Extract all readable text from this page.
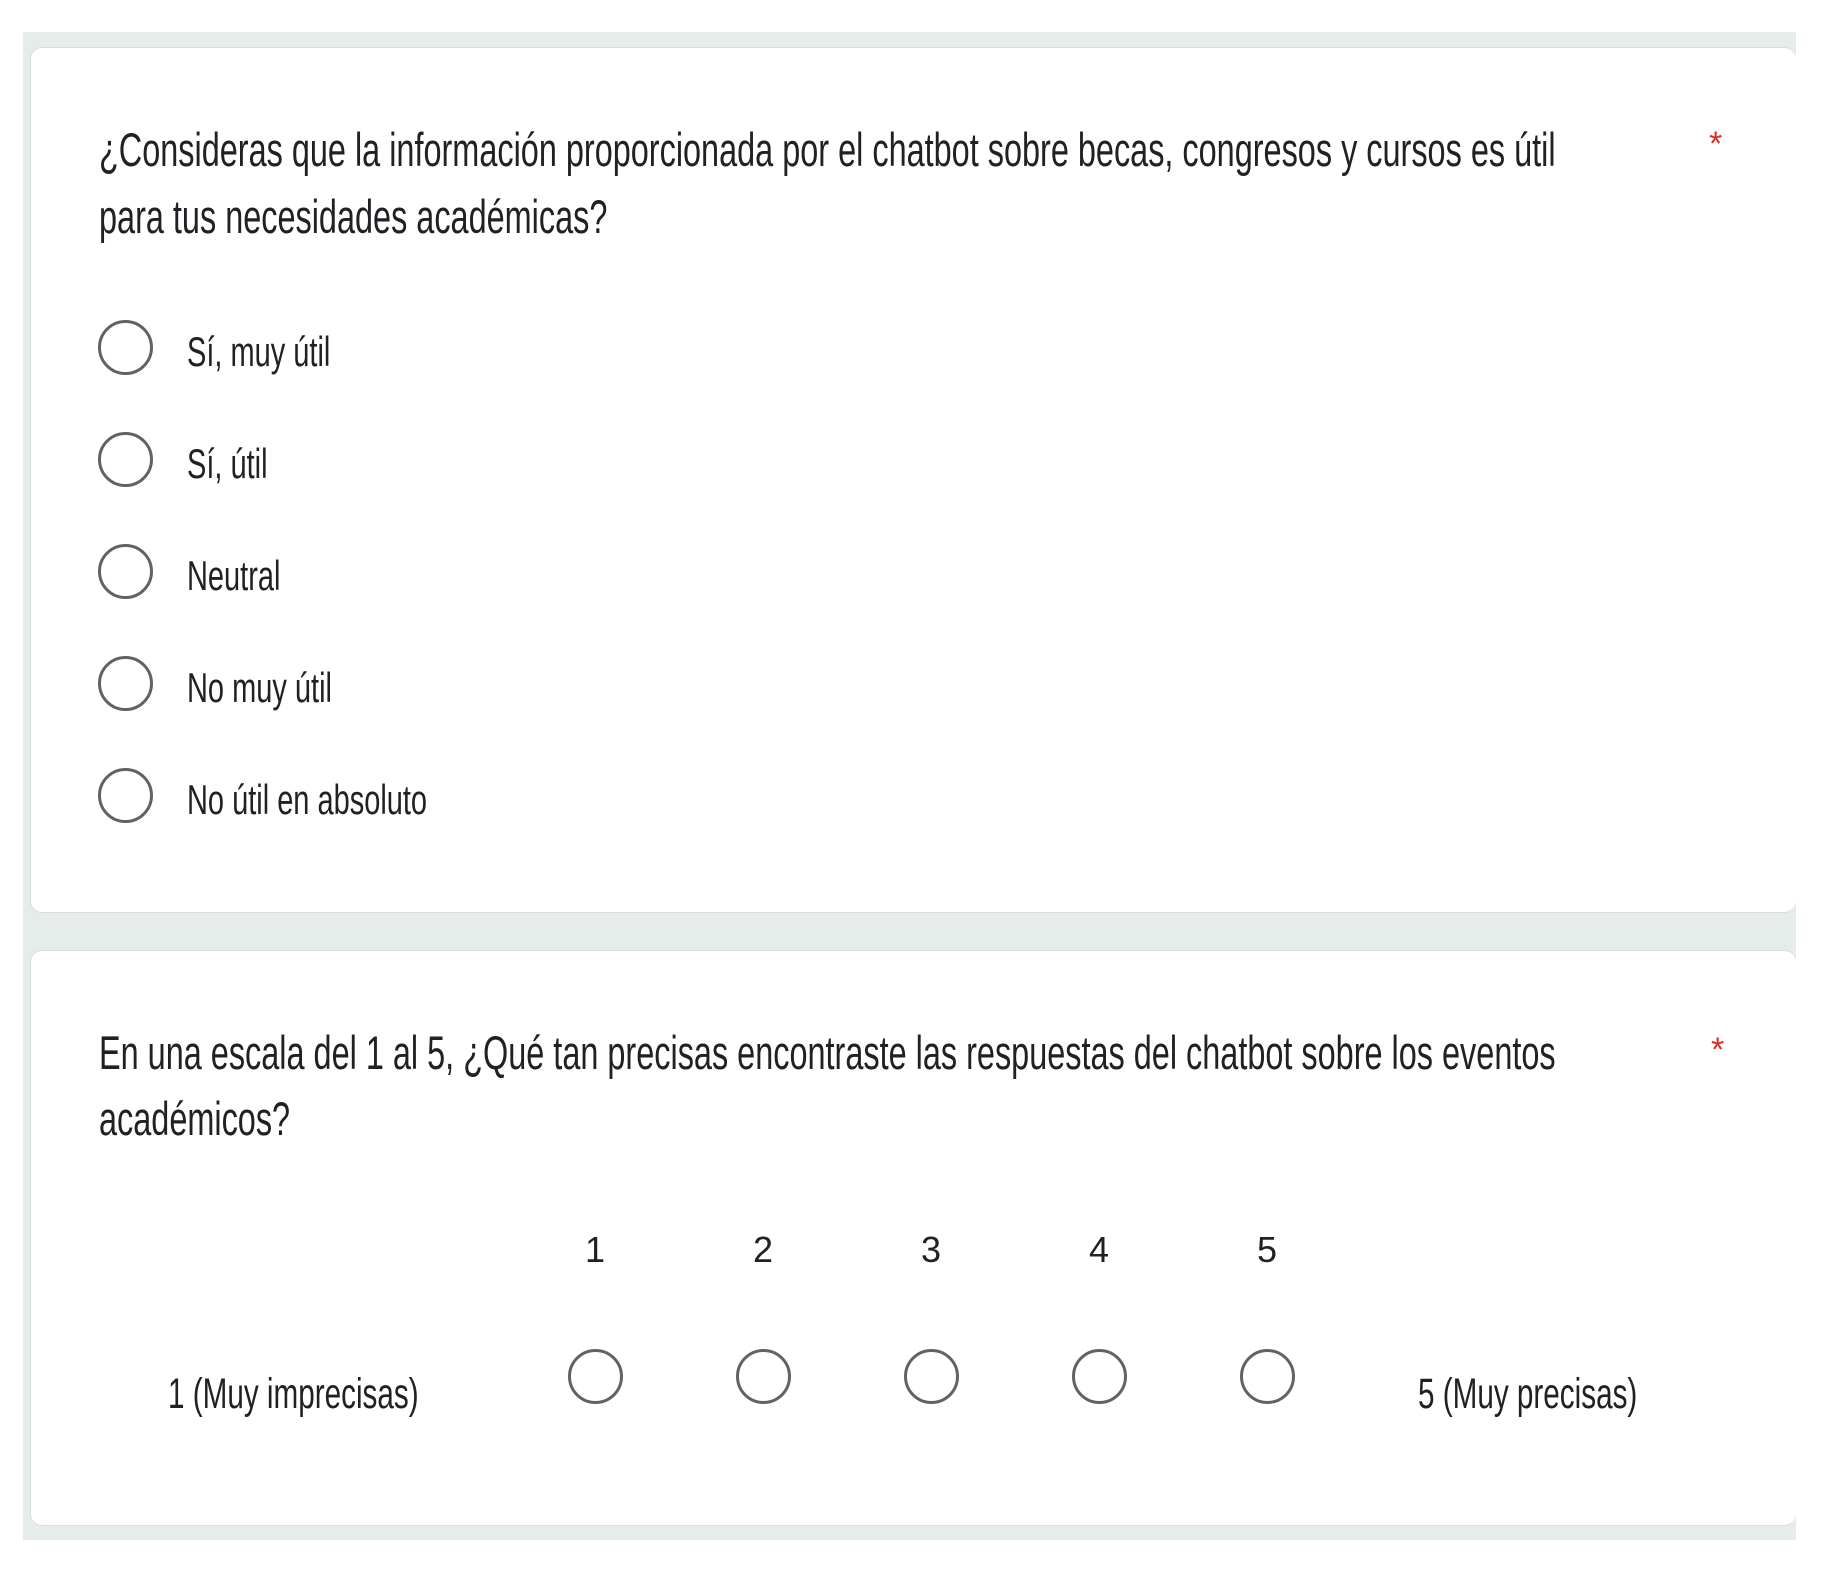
¿Consideras que la información proporcionada por el chatbot sobre becas, congresos y cursos es útil
para tus necesidades académicas?
*
Sí, muy útil
Sí, útil
Neutral
No muy útil
No útil en absoluto
En una escala del 1 al 5, ¿Qué tan precisas encontraste las respuestas del chatbot sobre los eventos
académicos?
*
1 (Muy imprecisas)
1	2	3	4	5
5 (Muy precisas)
